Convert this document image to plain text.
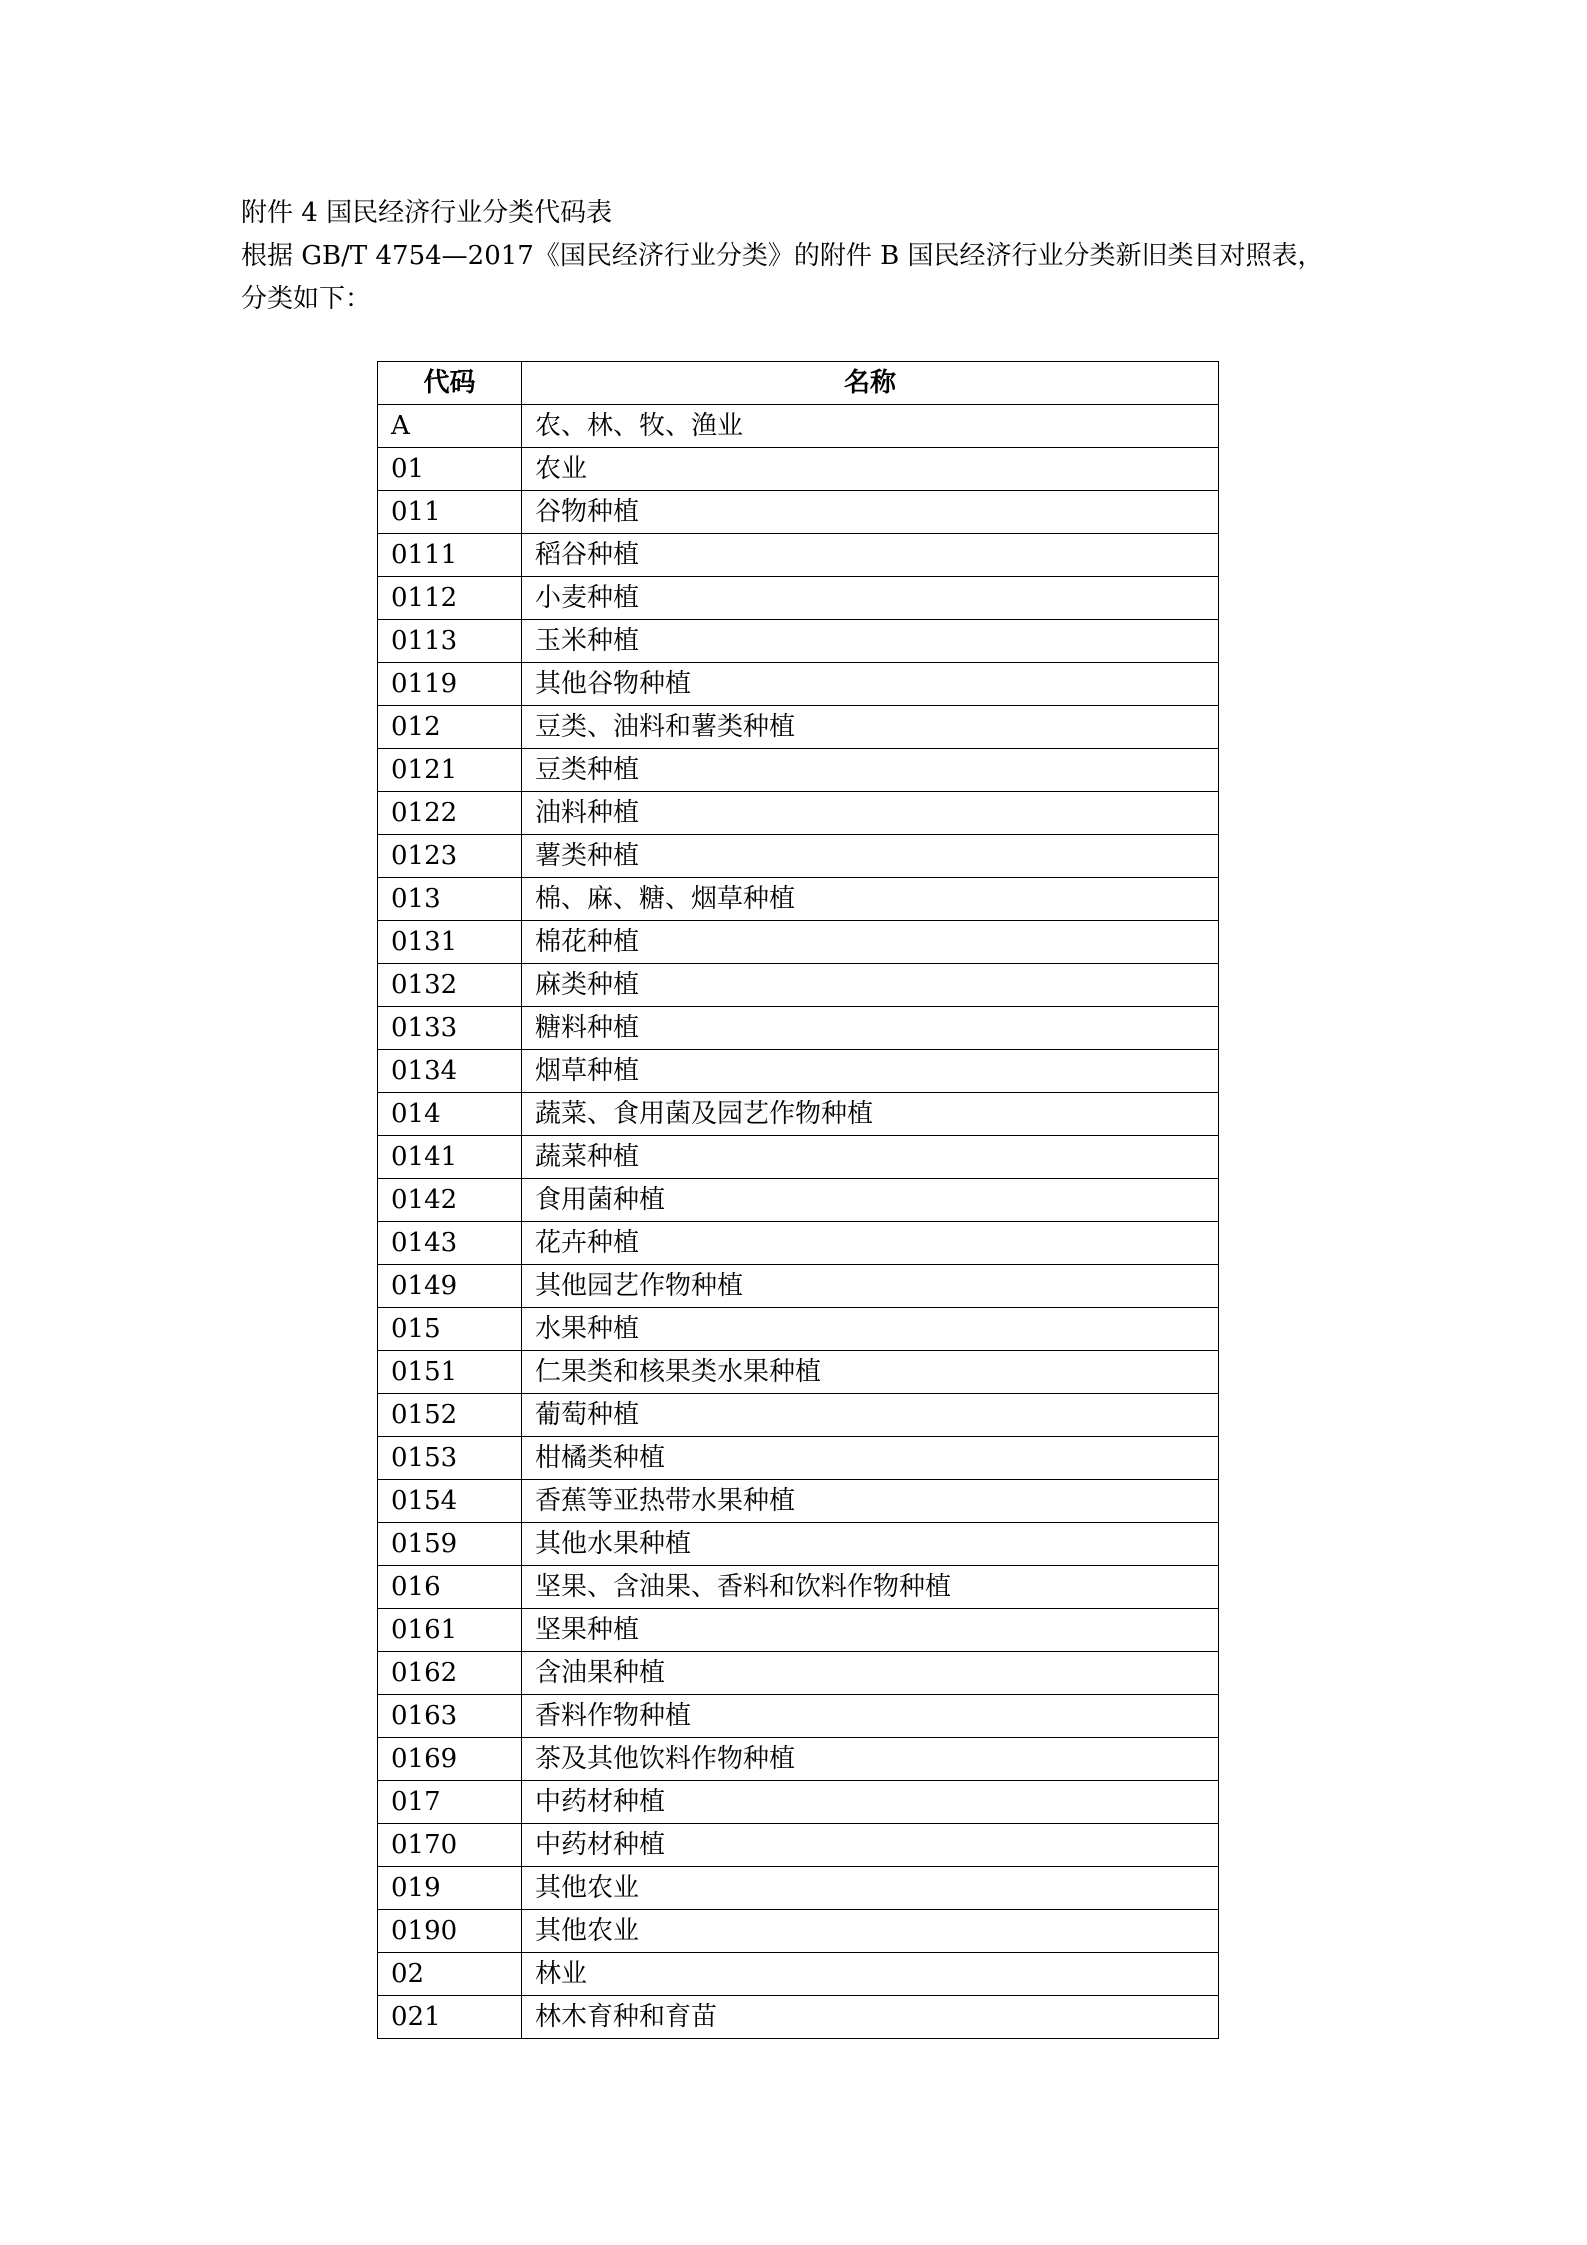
附件 4 国民经济行业分类代码表

根据 GB/T 4754—2017《国民经济行业分类》的附件 B 国民经济行业分类新旧类目对照表，

分类如下：

代码	名称
A	农、林、牧、渔业
01	农业
011	谷物种植
0111	稻谷种植
0112	小麦种植
0113	玉米种植
0119	其他谷物种植
012	豆类、油料和薯类种植
0121	豆类种植
0122	油料种植
0123	薯类种植
013	棉、麻、糖、烟草种植
0131	棉花种植
0132	麻类种植
0133	糖料种植
0134	烟草种植
014	蔬菜、食用菌及园艺作物种植
0141	蔬菜种植
0142	食用菌种植
0143	花卉种植
0149	其他园艺作物种植
015	水果种植
0151	仁果类和核果类水果种植
0152	葡萄种植
0153	柑橘类种植
0154	香蕉等亚热带水果种植
0159	其他水果种植
016	坚果、含油果、香料和饮料作物种植
0161	坚果种植
0162	含油果种植
0163	香料作物种植
0169	茶及其他饮料作物种植
017	中药材种植
0170	中药材种植
019	其他农业
0190	其他农业
02	林业
021	林木育种和育苗
